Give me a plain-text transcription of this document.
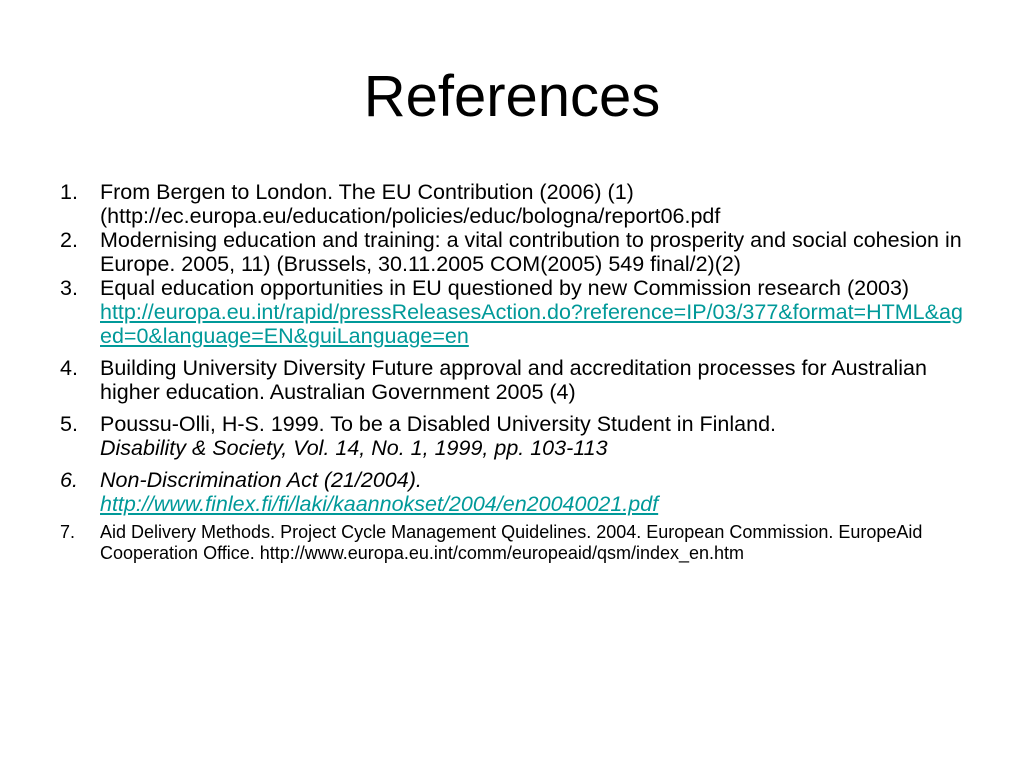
References
1.	From Bergen to London. The EU Contribution (2006) (1) (http://ec.europa.eu/education/policies/educ/bologna/report06.pdf
2.	Modernising education and training: a vital contribution to prosperity and social cohesion in Europe. 2005, 11) (Brussels, 30.11.2005 COM(2005) 549 final/2)(2)
3.	Equal education opportunities in EU questioned by new Commission research (2003)
http://europa.eu.int/rapid/pressReleasesAction.do?reference=IP/03/377&format=HTML&aged=0&language=EN&guiLanguage=en
4.	Building University Diversity Future approval and accreditation processes for Australian higher education. Australian Government 2005 (4)
5.	Poussu-Olli, H-S. 1999. To be a Disabled University Student in Finland.
Disability & Society, Vol. 14, No. 1, 1999, pp. 103-113
6.	Non-Discrimination Act (21/2004).
http://www.finlex.fi/fi/laki/kaannokset/2004/en20040021.pdf
7.	Aid Delivery Methods. Project Cycle Management Quidelines. 2004. European Commission. EuropeAid Cooperation Office. http://www.europa.eu.int/comm/europeaid/qsm/index_en.htm
